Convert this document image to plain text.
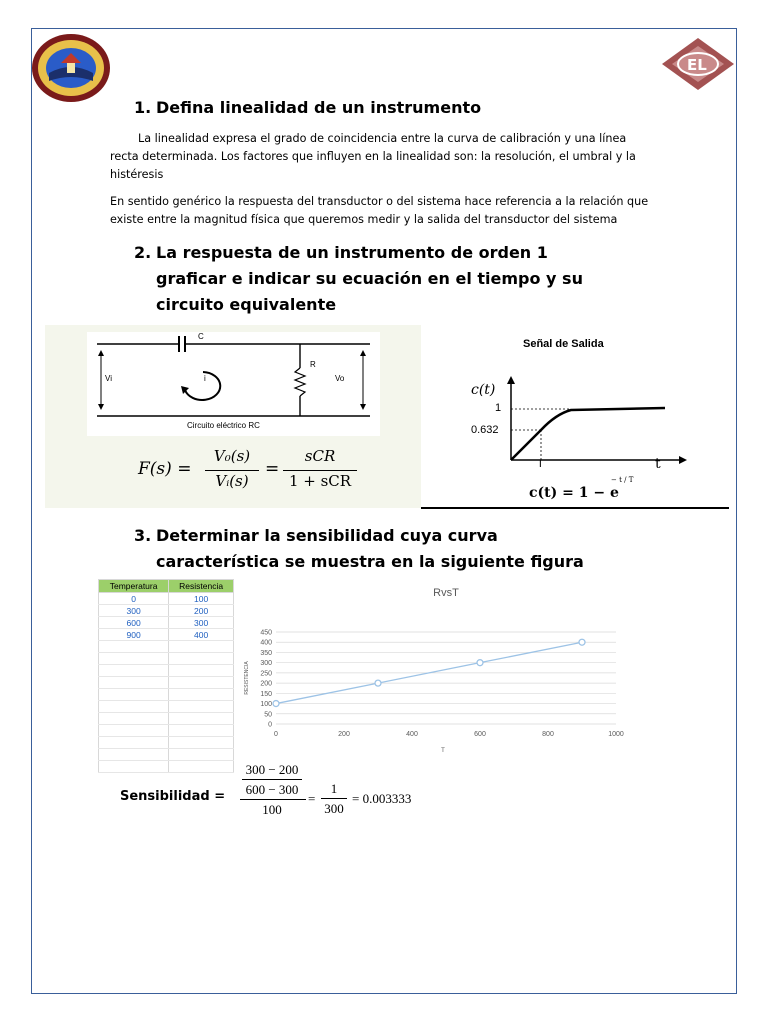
EL
1. Defina linealidad de un instrumento
La linealidad expresa el grado de coincidencia entre la curva de calibración y una línea
recta determinada. Los factores que influyen en la linealidad son: la resolución, el umbral y la
histéresis
En sentido genérico la respuesta del transductor o del sistema hace referencia a la relación que
existe entre la magnitud física que queremos medir y la salida del transductor del sistema
2. La respuesta de un instrumento de orden 1
graficar e indicar su ecuación en el tiempo y su
circuito equivalente
C
R
i
Vi	Vo
Circuito eléctrico RC
F(s) =
V₀(s)
Vᵢ(s)
=
sCR
1 + sCR
Señal de Salida
c(t)
1
0.632
T	t
c(t) = 1 − e
− t / T
3. Determinar la sensibilidad cuya curva
característica se muestra en la siguiente figura
Temperatura	Resistencia
0	100
300	200
600	300
900	400

RvsT
0
50
100
150
200
250
300
350
400
450
0	200	400	600	800	1000
T
RESISTENCIA
Sensibilidad =
300 − 200
600 − 300
100
=
1
300
= 0.003333
